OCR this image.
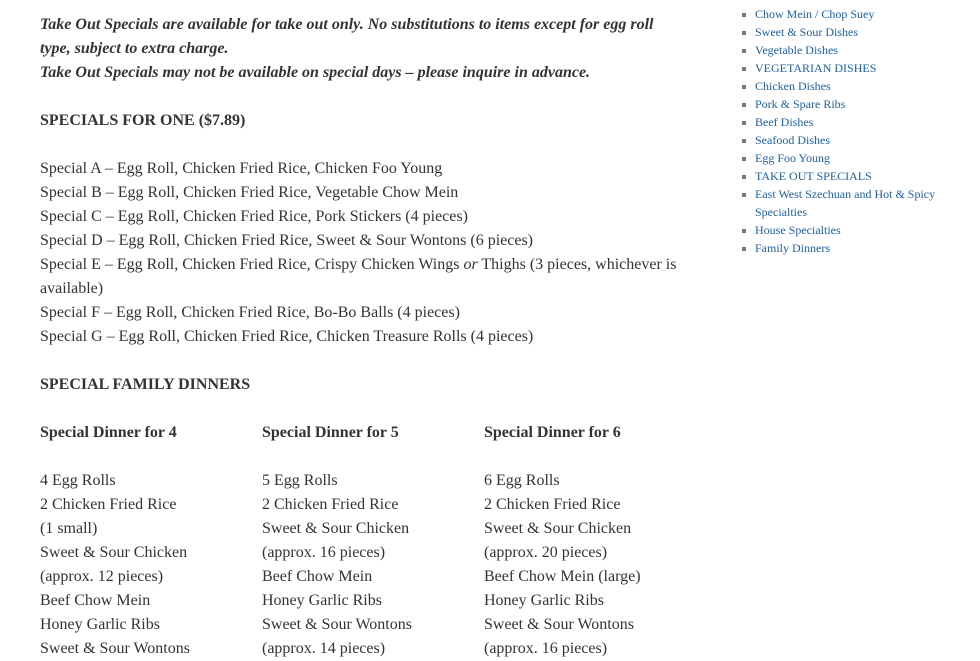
Take Out Specials are available for take out only. No substitutions to items except for egg roll type, subject to extra charge.
Take Out Specials may not be available on special days – please inquire in advance.

SPECIALS FOR ONE ($7.89)

Special A – Egg Roll, Chicken Fried Rice, Chicken Foo Young
Special B – Egg Roll, Chicken Fried Rice, Vegetable Chow Mein
Special C – Egg Roll, Chicken Fried Rice, Pork Stickers (4 pieces)
Special D – Egg Roll, Chicken Fried Rice, Sweet & Sour Wontons (6 pieces)
Special E – Egg Roll, Chicken Fried Rice, Crispy Chicken Wings or Thighs (3 pieces, whichever is available)
Special F – Egg Roll, Chicken Fried Rice, Bo-Bo Balls (4 pieces)
Special G – Egg Roll, Chicken Fried Rice, Chicken Treasure Rolls (4 pieces)

SPECIAL FAMILY DINNERS

Special Dinner for 4

4 Egg Rolls
2 Chicken Fried Rice
(1 small)
Sweet & Sour Chicken
(approx. 12 pieces)
Beef Chow Mein
Honey Garlic Ribs
Sweet & Sour Wontons
Special Dinner for 5

5 Egg Rolls
2 Chicken Fried Rice
Sweet & Sour Chicken
(approx. 16 pieces)
Beef Chow Mein
Honey Garlic Ribs
Sweet & Sour Wontons
(approx. 14 pieces)
Special Dinner for 6

6 Egg Rolls
2 Chicken Fried Rice
Sweet & Sour Chicken
(approx. 20 pieces)
Beef Chow Mein (large)
Honey Garlic Ribs
Sweet & Sour Wontons
(approx. 16 pieces)
Chow Mein / Chop Suey
Sweet & Sour Dishes
Vegetable Dishes
VEGETARIAN DISHES
Chicken Dishes
Pork & Spare Ribs
Beef Dishes
Seafood Dishes
Egg Foo Young
TAKE OUT SPECIALS
East West Szechuan and Hot & Spicy Specialties
House Specialties
Family Dinners
